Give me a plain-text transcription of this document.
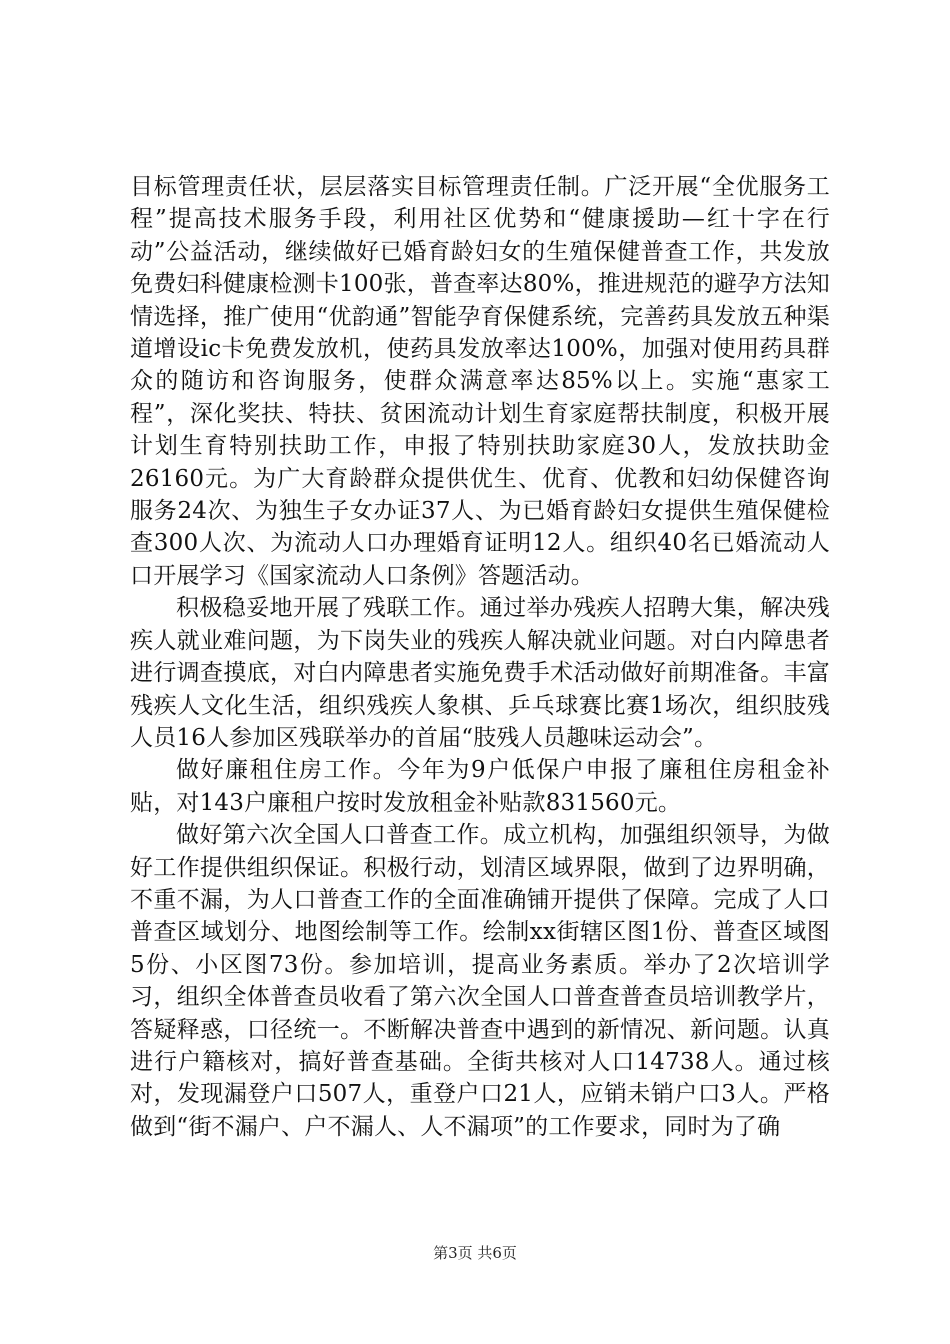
目标管理责任状，层层落实目标管理责任制。广泛开展“全优服务工程”提高技术服务手段，利用社区优势和“健康援助—红十字在行动”公益活动，继续做好已婚育龄妇女的生殖保健普查工作，共发放免费妇科健康检测卡100张，普查率达80%，推进规范的避孕方法知情选择，推广使用“优韵通”智能孕育保健系统，完善药具发放五种渠道增设ic卡免费发放机，使药具发放率达100%，加强对使用药具群众的随访和咨询服务，使群众满意率达85%以上。实施“惠家工程”，深化奖扶、特扶、贫困流动计划生育家庭帮扶制度，积极开展计划生育特别扶助工作，申报了特别扶助家庭30人，发放扶助金26160元。为广大育龄群众提供优生、优育、优教和妇幼保健咨询服务24次、为独生子女办证37人、为已婚育龄妇女提供生殖保健检查300人次、为流动人口办理婚育证明12人。组织40名已婚流动人口开展学习《国家流动人口条例》答题活动。

积极稳妥地开展了残联工作。通过举办残疾人招聘大集，解决残疾人就业难问题，为下岗失业的残疾人解决就业问题。对白内障患者进行调查摸底，对白内障患者实施免费手术活动做好前期准备。丰富残疾人文化生活，组织残疾人象棋、乒乓球赛比赛1场次，组织肢残人员16人参加区残联举办的首届“肢残人员趣味运动会”。

做好廉租住房工作。今年为9户低保户申报了廉租住房租金补贴，对143户廉租户按时发放租金补贴款831560元。

做好第六次全国人口普查工作。成立机构，加强组织领导，为做好工作提供组织保证。积极行动，划清区域界限，做到了边界明确，不重不漏，为人口普查工作的全面准确铺开提供了保障。完成了人口普查区域划分、地图绘制等工作。绘制xx街辖区图1份、普查区域图5份、小区图73份。参加培训，提高业务素质。举办了2次培训学习，组织全体普查员收看了第六次全国人口普查普查员培训教学片，答疑释惑，口径统一。不断解决普查中遇到的新情况、新问题。认真进行户籍核对，搞好普查基础。全街共核对人口14738人。通过核对，发现漏登户口507人，重登户口21人，应销未销户口3人。严格做到“街不漏户、户不漏人、人不漏项”的工作要求，同时为了确

第3页 共6页
